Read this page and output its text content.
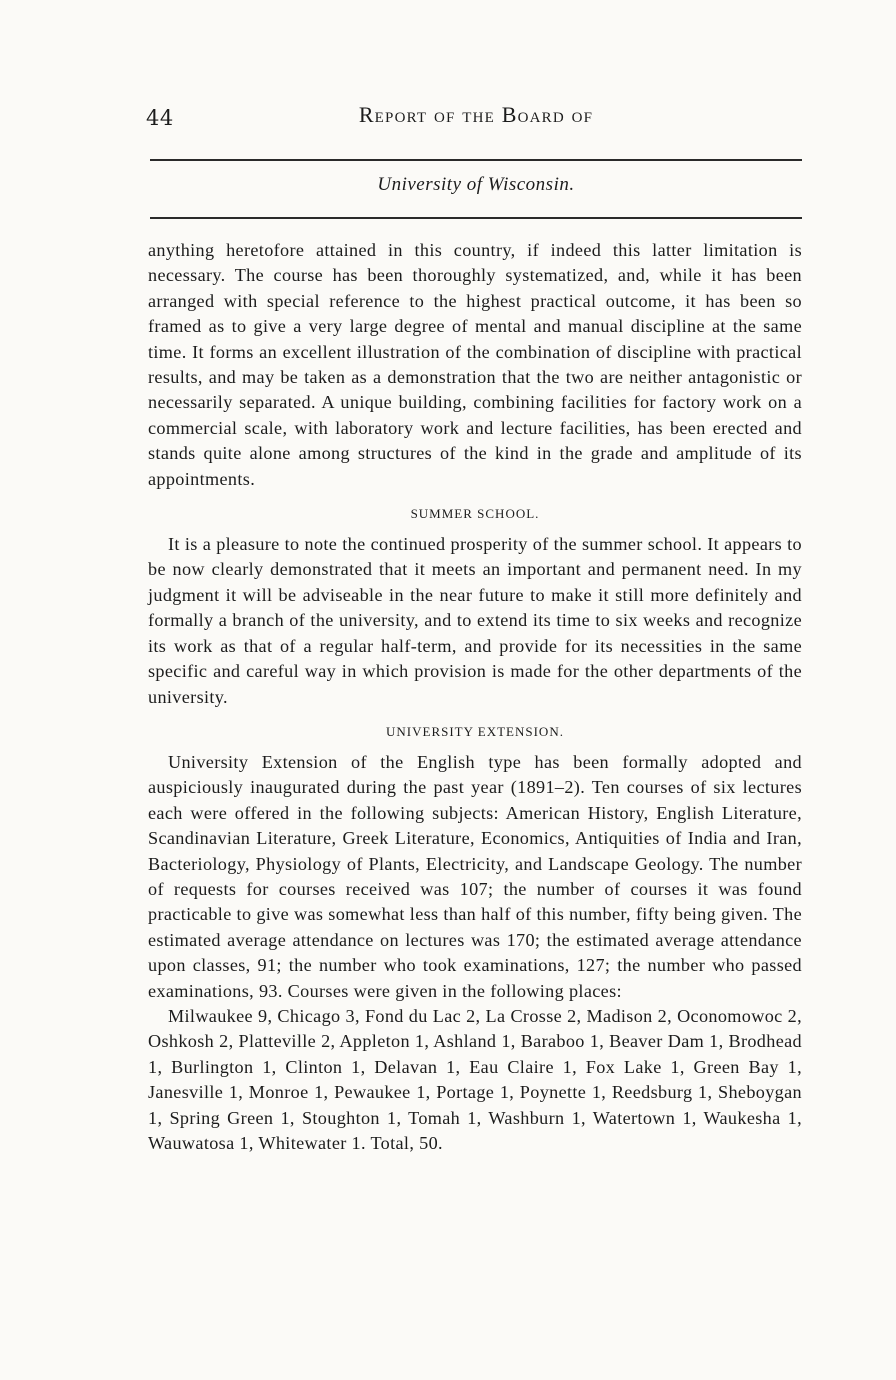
44	Report of the Board of
University of Wisconsin.

anything heretofore attained in this country, if indeed this latter limitation is necessary. The course has been thoroughly systematized, and, while it has been arranged with special reference to the highest practical outcome, it has been so framed as to give a very large degree of mental and manual discipline at the same time. It forms an excellent illustration of the combination of discipline with practical results, and may be taken as a demonstration that the two are neither antagonistic or necessarily separated. A unique building, combining facilities for factory work on a commercial scale, with laboratory work and lecture facilities, has been erected and stands quite alone among structures of the kind in the grade and amplitude of its appointments.

SUMMER SCHOOL.

It is a pleasure to note the continued prosperity of the summer school. It appears to be now clearly demonstrated that it meets an important and permanent need. In my judgment it will be adviseable in the near future to make it still more definitely and formally a branch of the university, and to extend its time to six weeks and recognize its work as that of a regular half-term, and provide for its necessities in the same specific and careful way in which provision is made for the other departments of the university.

UNIVERSITY EXTENSION.

University Extension of the English type has been formally adopted and auspiciously inaugurated during the past year (1891–2). Ten courses of six lectures each were offered in the following subjects: American History, English Literature, Scandinavian Literature, Greek Literature, Economics, Antiquities of India and Iran, Bacteriology, Physiology of Plants, Electricity, and Landscape Geology. The number of requests for courses received was 107; the number of courses it was found practicable to give was somewhat less than half of this number, fifty being given. The estimated average attendance on lectures was 170; the estimated average attendance upon classes, 91; the number who took examinations, 127; the number who passed examinations, 93. Courses were given in the following places:

Milwaukee 9, Chicago 3, Fond du Lac 2, La Crosse 2, Madison 2, Oconomowoc 2, Oshkosh 2, Platteville 2, Appleton 1, Ashland 1, Baraboo 1, Beaver Dam 1, Brodhead 1, Burlington 1, Clinton 1, Delavan 1, Eau Claire 1, Fox Lake 1, Green Bay 1, Janesville 1, Monroe 1, Pewaukee 1, Portage 1, Poynette 1, Reedsburg 1, Sheboygan 1, Spring Green 1, Stoughton 1, Tomah 1, Washburn 1, Watertown 1, Waukesha 1, Wauwatosa 1, Whitewater 1. Total, 50.
